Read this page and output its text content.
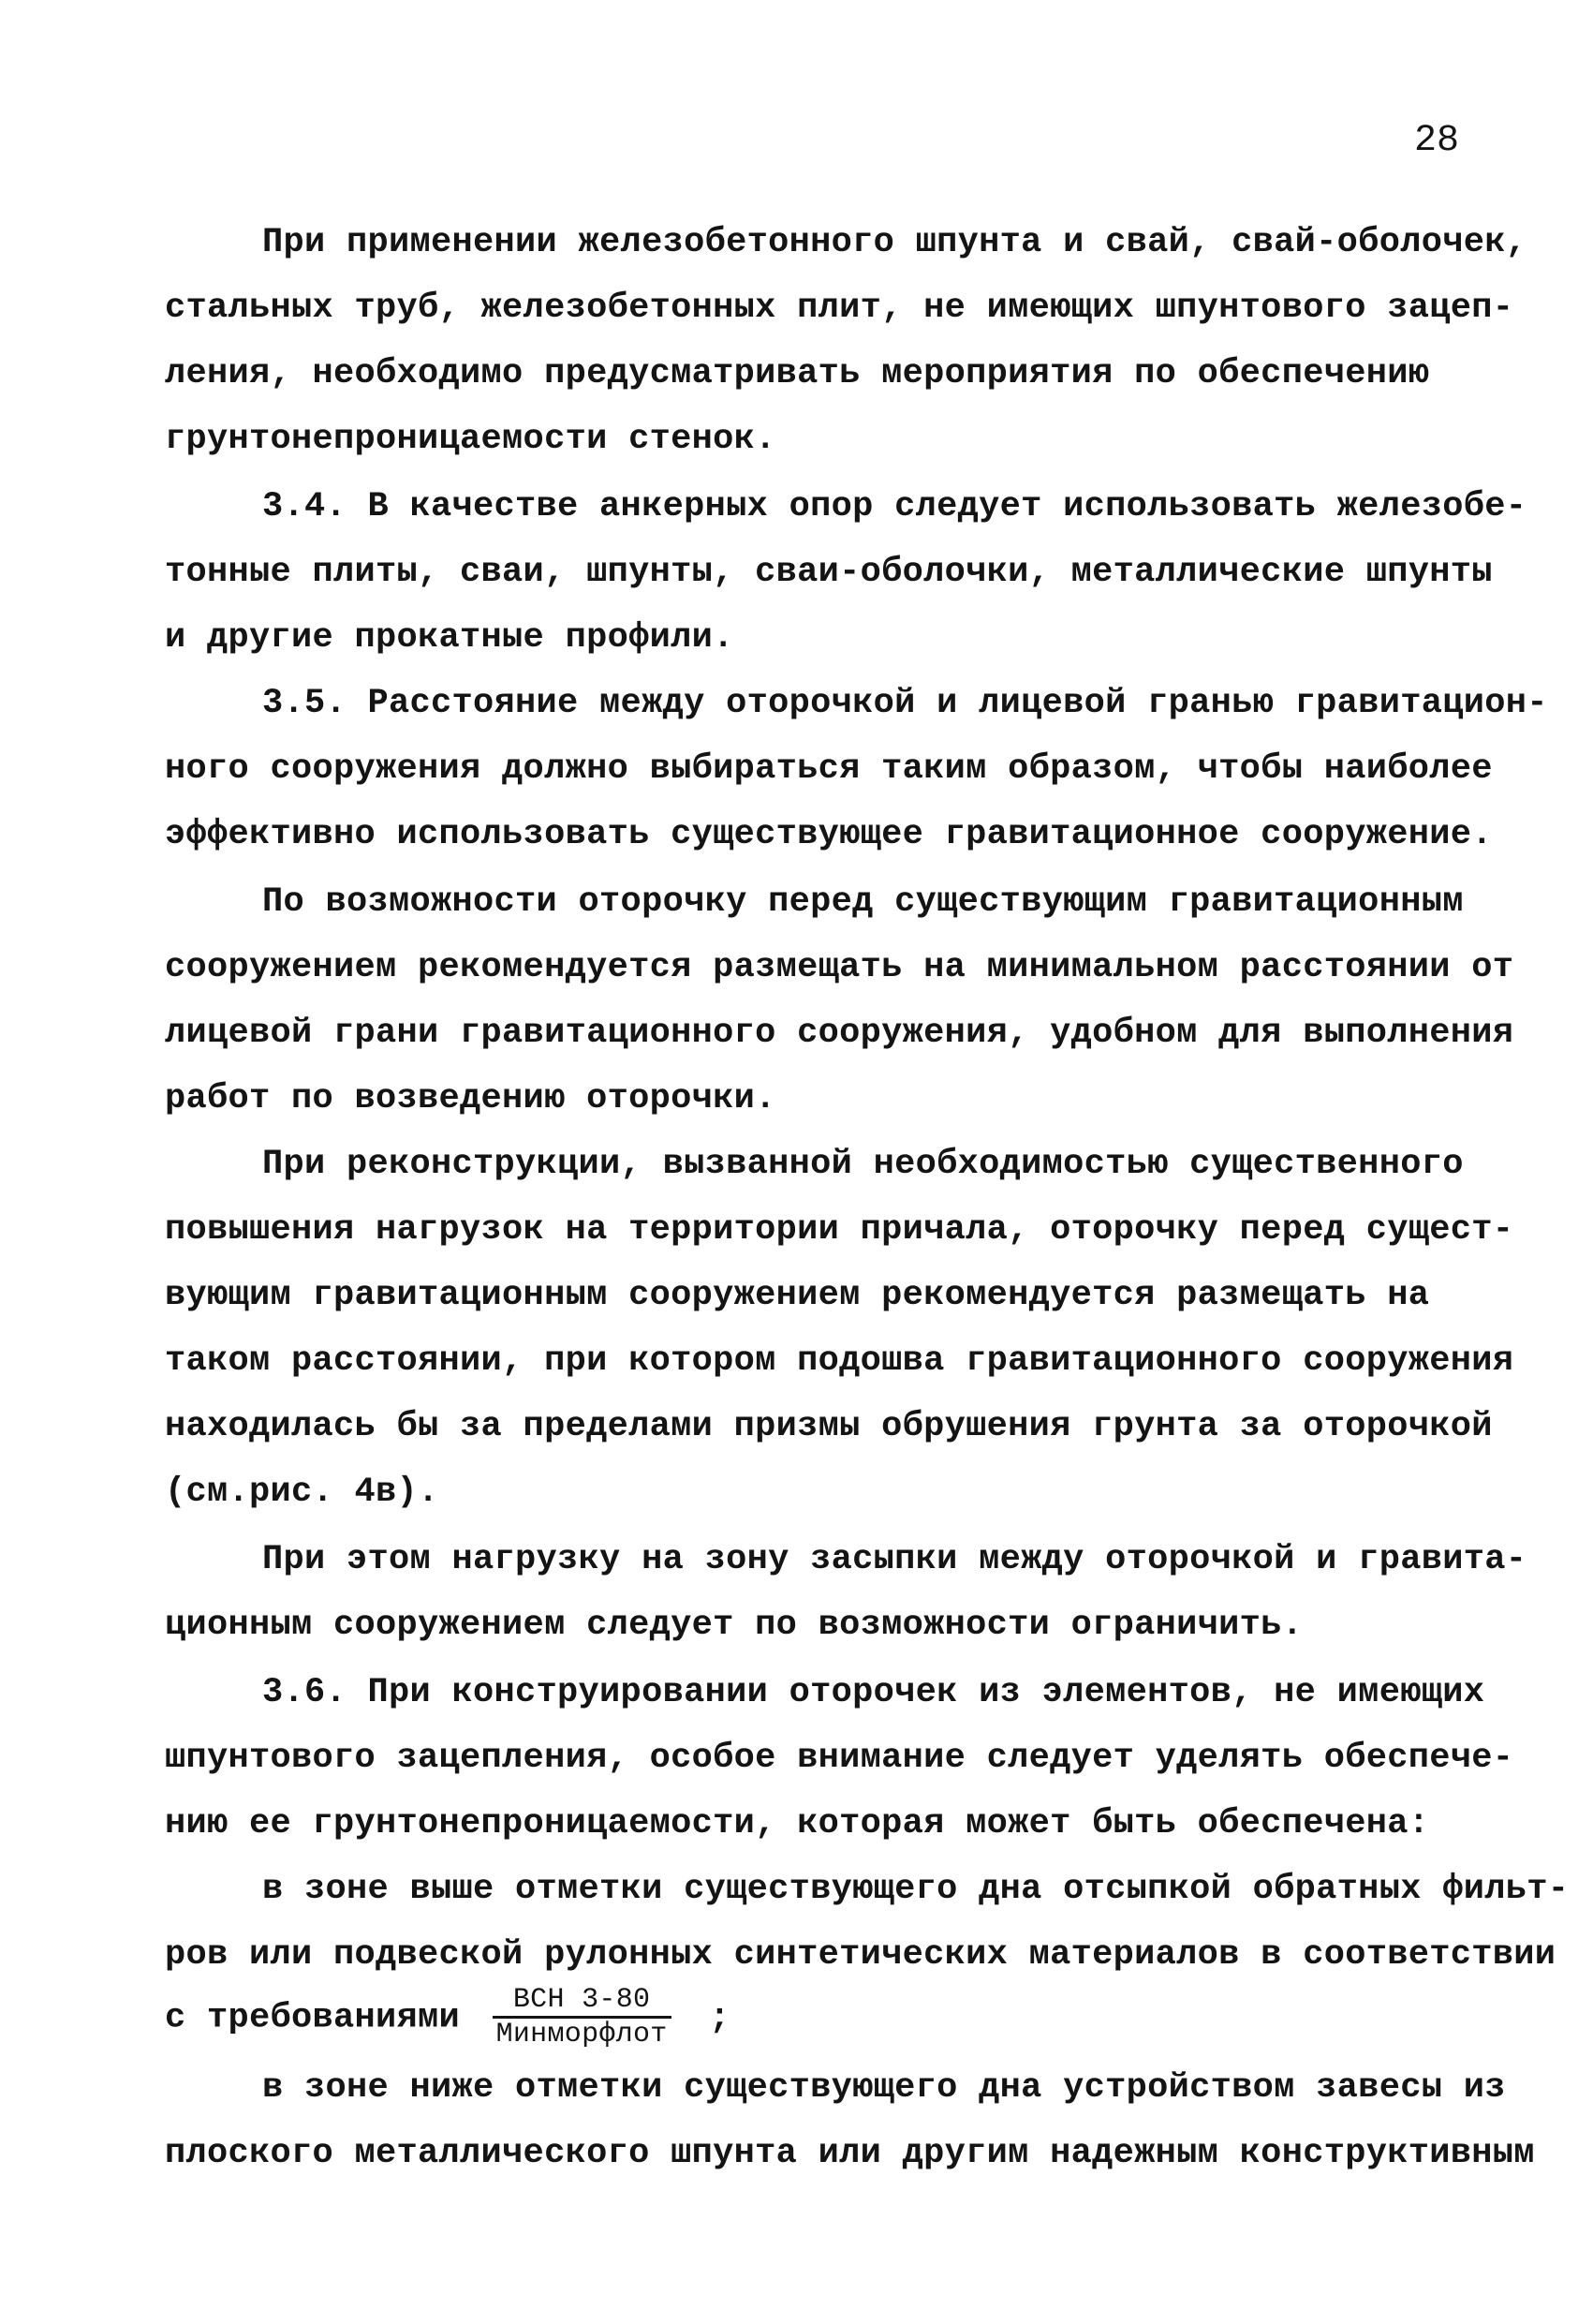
28
При применении железобетонного шпунта и свай, свай-оболочек,
стальных труб, железобетонных плит, не имеющих шпунтового зацеп-
ления, необходимо предусматривать мероприятия по обеспечению
грунтонепроницаемости стенок.
3.4. В качестве анкерных опор следует использовать железобе-
тонные плиты, сваи, шпунты, сваи-оболочки, металлические шпунты
и другие прокатные профили.
3.5. Расстояние между оторочкой и лицевой гранью гравитацион-
ного сооружения должно выбираться таким образом, чтобы наиболее
эффективно использовать существующее гравитационное сооружение.
По возможности оторочку перед существующим гравитационным
сооружением рекомендуется размещать на минимальном расстоянии от
лицевой грани гравитационного сооружения, удобном для выполнения
работ по возведению оторочки.
При реконструкции, вызванной необходимостью существенного
повышения нагрузок на территории причала, оторочку перед сущест-
вующим гравитационным сооружением рекомендуется размещать на
таком расстоянии, при котором подошва гравитационного сооружения
находилась бы за пределами призмы обрушения грунта за оторочкой
(см.рис. 4в).
При этом нагрузку на зону засыпки между оторочкой и гравита-
ционным сооружением следует по возможности ограничить.
3.6. При конструировании оторочек из элементов, не имеющих
шпунтового зацепления, особое внимание следует уделять обеспече-
нию ее грунтонепроницаемости, которая может быть обеспечена:
в зоне выше отметки существующего дна отсыпкой обратных фильт-
ров или подвеской рулонных синтетических материалов в соответствии
с требованиями $\frac{\text{ВСН 3-80}}{\text{Минморфлот}}$ ;
в зоне ниже отметки существующего дна устройством завесы из
плоского металлического шпунта или другим надежным конструктивным
